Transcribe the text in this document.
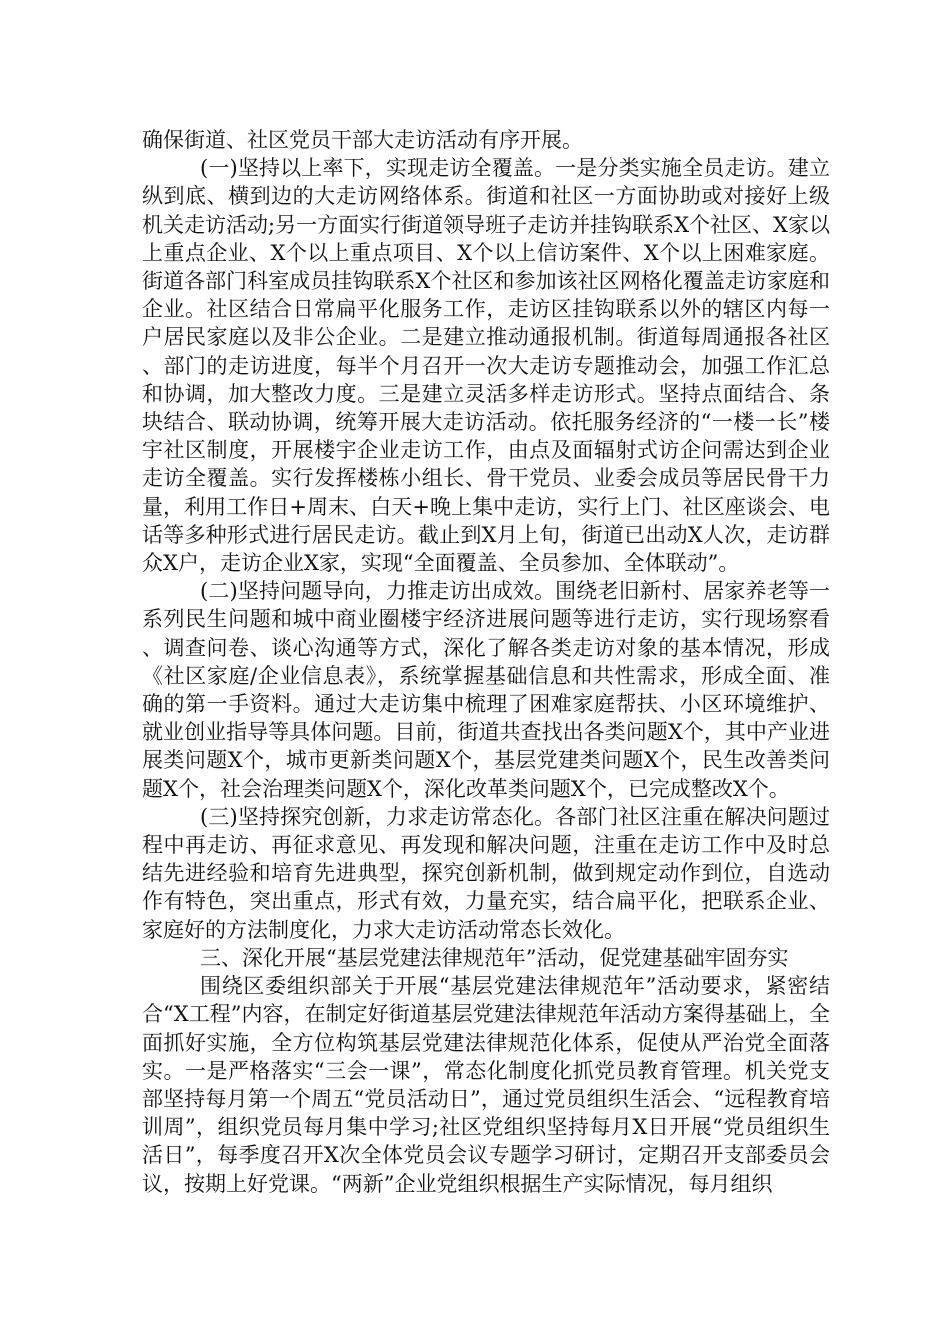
确保街道、社区党员干部大走访活动有序开展。

(一)坚持以上率下，实现走访全覆盖。一是分类实施全员走访。建立纵到底、横到边的大走访网络体系。街道和社区一方面协助或对接好上级机关走访活动;另一方面实行街道领导班子走访并挂钩联系X个社区、X家以上重点企业、X个以上重点项目、X个以上信访案件、X个以上困难家庭。街道各部门科室成员挂钩联系X个社区和参加该社区网格化覆盖走访家庭和企业。社区结合日常扁平化服务工作，走访区挂钩联系以外的辖区内每一户居民家庭以及非公企业。二是建立推动通报机制。街道每周通报各社区、部门的走访进度，每半个月召开一次大走访专题推动会，加强工作汇总和协调，加大整改力度。三是建立灵活多样走访形式。坚持点面结合、条块结合、联动协调，统筹开展大走访活动。依托服务经济的“一楼一长”楼宇社区制度，开展楼宇企业走访工作，由点及面辐射式访企问需达到企业走访全覆盖。实行发挥楼栋小组长、骨干党员、业委会成员等居民骨干力量，利用工作日+周末、白天+晚上集中走访，实行上门、社区座谈会、电话等多种形式进行居民走访。截止到X月上旬，街道已出动X人次，走访群众X户，走访企业X家，实现“全面覆盖、全员参加、全体联动”。

(二)坚持问题导向，力推走访出成效。围绕老旧新村、居家养老等一系列民生问题和城中商业圈楼宇经济进展问题等进行走访，实行现场察看、调查问卷、谈心沟通等方式，深化了解各类走访对象的基本情况，形成《社区家庭/企业信息表》，系统掌握基础信息和共性需求，形成全面、准确的第一手资料。通过大走访集中梳理了困难家庭帮扶、小区环境维护、就业创业指导等具体问题。目前，街道共查找出各类问题X个，其中产业进展类问题X个，城市更新类问题X个，基层党建类问题X个，民生改善类问题X个，社会治理类问题X个，深化改革类问题X个，已完成整改X个。

(三)坚持探究创新，力求走访常态化。各部门社区注重在解决问题过程中再走访、再征求意见、再发现和解决问题，注重在走访工作中及时总结先进经验和培育先进典型，探究创新机制，做到规定动作到位，自选动作有特色，突出重点，形式有效，力量充实，结合扁平化，把联系企业、家庭好的方法制度化，力求大走访活动常态长效化。

三、深化开展“基层党建法律规范年”活动，促党建基础牢固夯实

围绕区委组织部关于开展“基层党建法律规范年”活动要求，紧密结合“X工程”内容，在制定好街道基层党建法律规范年活动方案得基础上，全面抓好实施，全方位构筑基层党建法律规范化体系，促使从严治党全面落实。一是严格落实“三会一课”，常态化制度化抓党员教育管理。机关党支部坚持每月第一个周五“党员活动日”，通过党员组织生活会、“远程教育培训周”，组织党员每月集中学习;社区党组织坚持每月X日开展“党员组织生活日”，每季度召开X次全体党员会议专题学习研讨，定期召开支部委员会议，按期上好党课。“两新”企业党组织根据生产实际情况，每月组织
